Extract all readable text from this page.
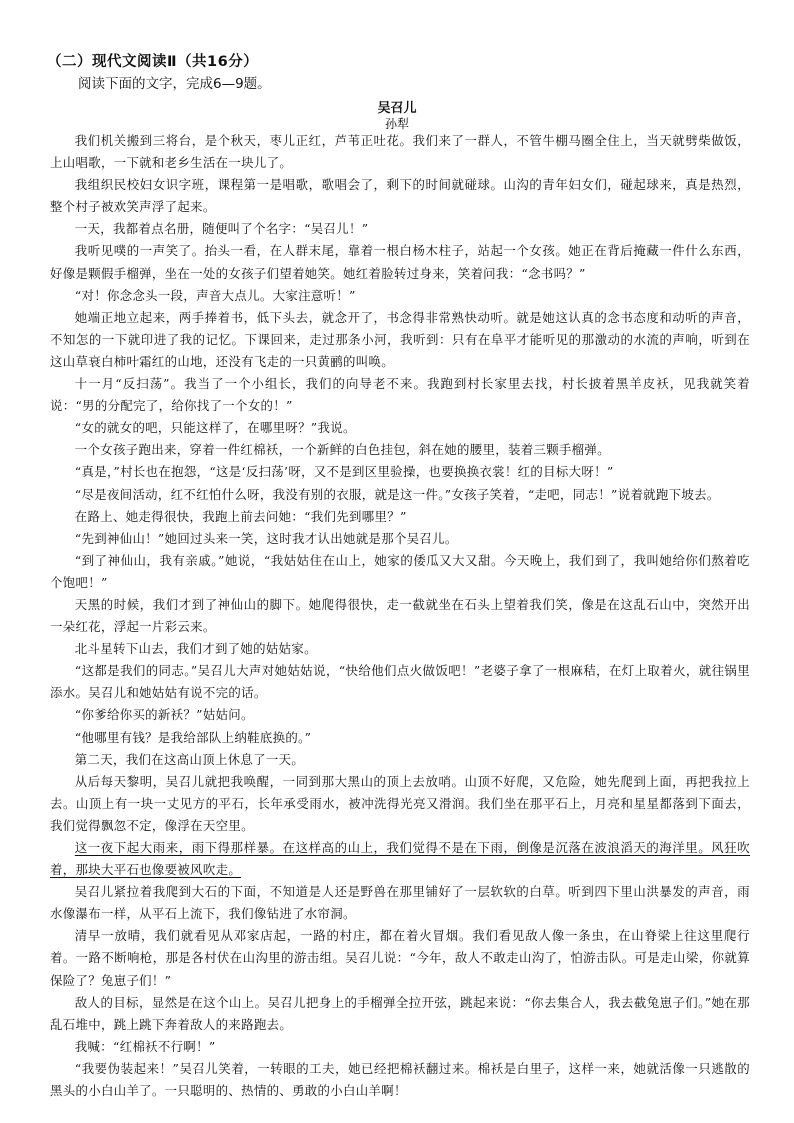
（二）现代文阅读Ⅱ（共16分）
阅读下面的文字，完成6—9题。
吴召儿
孙犁

我们机关搬到三将台，是个秋天，枣儿正红，芦苇正吐花。我们来了一群人，不管牛棚马圈全住上，当天就劈柴做饭，上山唱歌，一下就和老乡生活在一块儿了。

我组织民校妇女识字班，课程第一是唱歌，歌唱会了，剩下的时间就碰球。山沟的青年妇女们，碰起球来，真是热烈，整个村子被欢笑声浮了起来。

一天，我都着点名册，随便叫了个名字：“吴召儿！”

我听见噗的一声笑了。抬头一看，在人群末尾，靠着一根白杨木柱子，站起一个女孩。她正在背后掩藏一件什么东西，好像是颗假手榴弹，坐在一处的女孩子们望着她笑。她红着脸转过身来，笑着问我：“念书吗？”

“对！你念念头一段，声音大点儿。大家注意听！”

她端正地立起来，两手捧着书，低下头去，就念开了，书念得非常熟快动听。就是她这认真的念书态度和动听的声音，不知怎的一下就印进了我的记忆。下课回来，走过那条小河，我听到：只有在阜平才能听见的那激动的水流的声响，听到在这山草衰白柿叶霜红的山地，还没有飞走的一只黄鹂的叫唤。

十一月“反扫荡”。我当了一个小组长，我们的向导老不来。我跑到村长家里去找，村长披着黑羊皮袄，见我就笑着说：“男的分配完了，给你找了一个女的！”

“女的就女的吧，只能这样了，在哪里呀？”我说。

一个女孩子跑出来，穿着一件红棉袄，一个新鲜的白色挂包，斜在她的腰里，装着三颗手榴弹。

“真是，”村长也在抱怨，“这是‘反扫荡’呀，又不是到区里验操，也要换换衣裳！红的目标大呀！”

“尽是夜间活动，红不红怕什么呀，我没有别的衣服，就是这一件。”女孩子笑着，“走吧，同志！”说着就跑下坡去。

在路上、她走得很快，我跑上前去问她：“我们先到哪里？”

“先到神仙山！”她回过头来一笑，这时我才认出她就是那个吴召儿。

“到了神仙山，我有亲戚。”她说，“我姑姑住在山上，她家的倭瓜又大又甜。今天晚上，我们到了，我叫她给你们熬着吃个饱吧！”

天黑的时候，我们才到了神仙山的脚下。她爬得很快，走一截就坐在石头上望着我们笑，像是在这乱石山中，突然开出一朵红花，浮起一片彩云来。

北斗星转下山去，我们才到了她的姑姑家。

“这都是我们的同志。”吴召儿大声对她姑姑说，“快给他们点火做饭吧！”老婆子拿了一根麻秸，在灯上取着火，就往锅里添水。吴召儿和她姑姑有说不完的话。

“你爹给你买的新袄？”姑姑问。

“他哪里有钱？是我给部队上纳鞋底换的。”

第二天，我们在这高山顶上休息了一天。

从后每天黎明，吴召儿就把我唤醒，一同到那大黑山的顶上去放哨。山顶不好爬，又危险，她先爬到上面，再把我拉上去。山顶上有一块一丈见方的平石，长年承受雨水，被冲洗得光亮又滑润。我们坐在那平石上，月亮和星星都落到下面去，我们觉得飘忽不定，像浮在天空里。

这一夜下起大雨来，雨下得那样暴。在这样高的山上，我们觉得不是在下雨，倒像是沉落在波浪滔天的海洋里。风狂吹着，那块大平石也像要被风吹走。

吴召儿紧拉着我爬到大石的下面，不知道是人还是野兽在那里铺好了一层软软的白草。听到四下里山洪暴发的声音，雨水像瀑布一样，从平石上流下，我们像钻进了水帘洞。

清早一放晴，我们就看见从邓家店起，一路的村庄，都在着火冒烟。我们看见敌人像一条虫，在山脊梁上往这里爬行着。一路不断响枪，那是各村伏在山沟里的游击组。吴召儿说：“今年，敌人不敢走山沟了，怕游击队。可是走山梁，你就算保险了？兔崽子们！”

敌人的目标，显然是在这个山上。吴召儿把身上的手榴弹全拉开弦，跳起来说：“你去集合人，我去截兔崽子们。”她在那乱石堆中，跳上跳下奔着敌人的来路跑去。

我喊：“红棉袄不行啊！”

“我要伪装起来！”吴召儿笑着，一转眼的工夫，她已经把棉袄翻过来。棉袄是白里子，这样一来，她就活像一只逃散的黑头的小白山羊了。一只聪明的、热情的、勇敢的小白山羊啊！
